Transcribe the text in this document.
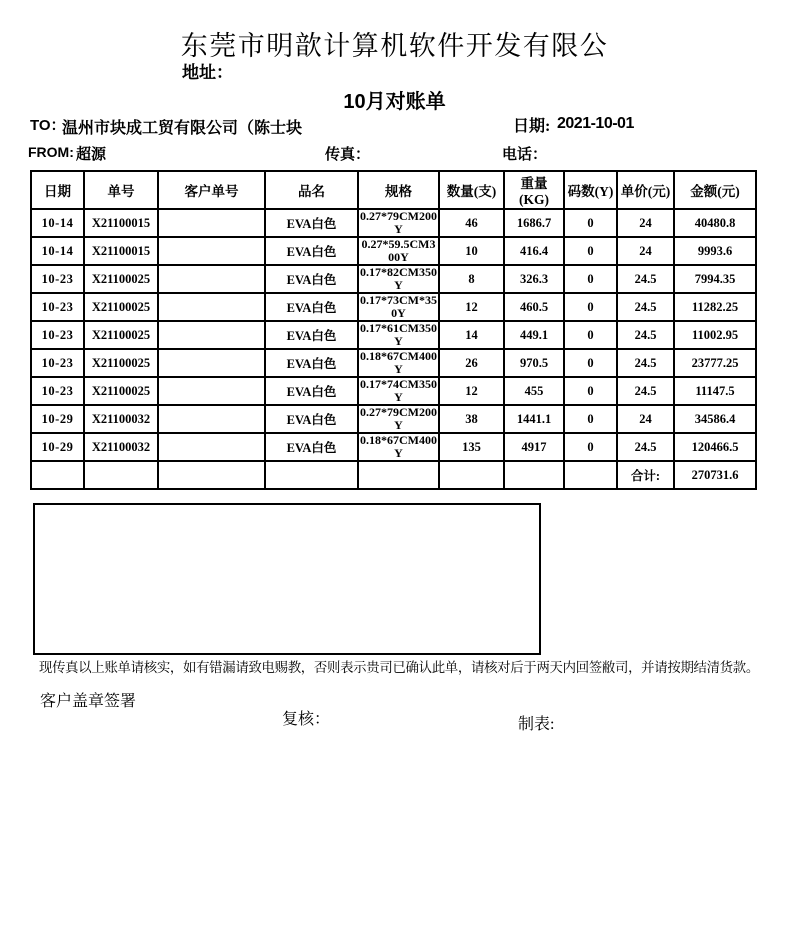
东莞市明歆计算机软件开发有限公
地址：
10月对账单
TO：
温州市块成工贸有限公司（陈士块	日期: 2021-10-01
FROM: 超源	传真：	电话：
日期	单号	客户单号	品名	规格	数量(支)	重量(KG)	码数(Y)	单价(元)	金额(元)
10-14	X21100015		EVA白色	0.27*79CM200Y	46	1686.7	0	24	40480.8
10-14	X21100015		EVA白色	0.27*59.5CM300Y	10	416.4	0	24	9993.6
10-23	X21100025		EVA白色	0.17*82CM350Y	8	326.3	0	24.5	7994.35
10-23	X21100025		EVA白色	0.17*73CM*350Y	12	460.5	0	24.5	11282.25
10-23	X21100025		EVA白色	0.17*61CM350Y	14	449.1	0	24.5	11002.95
10-23	X21100025		EVA白色	0.18*67CM400Y	26	970.5	0	24.5	23777.25
10-23	X21100025		EVA白色	0.17*74CM350Y	12	455	0	24.5	11147.5
10-29	X21100032		EVA白色	0.27*79CM200Y	38	1441.1	0	24	34586.4
10-29	X21100032		EVA白色	0.18*67CM400Y	135	4917	0	24.5	120466.5
								合计:	270731.6
现传真以上账单请核实，如有错漏请致电赐教，否则表示贵司已确认此单，请核对后于两天内回签敝司，并请按期结清货款。
客户盖章签署
复核：	制表:
